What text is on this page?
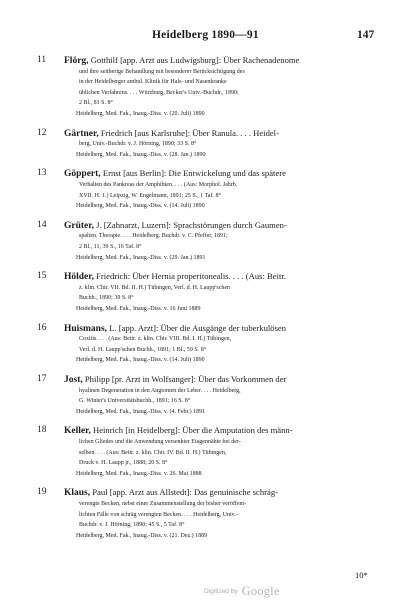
Heidelberg 1890—91	147
11 Flörg, Gotthilf [app. Arzt aus Ludwigsburg]: Über Rachenadenome
und ihre seitherige Behandlung mit besonderer Berücksichtigung des
in der Heidelberger ambul. Klinik für Hals- und Nasenkranke
üblichen Verfahrens. . . . Würzburg, Becker's Univ.-Buchdr., 1890;
2 Bl., 81 S. 8°
Heidelberg, Med. Fak., Inaug.-Diss. v. (20. Juli) 1890
12 Gärtner, Friedrich [aus Karlsruhe]: Über Ranula. . . . Heidel-
berg, Univ.-Buchdr. v. J. Hörning, 1890; 33 S. 8°
Heidelberg, Med. Fak., Inaug.-Diss. v. (28. Jan.) 1890
13 Göppert, Ernst [aus Berlin]: Die Entwickelung und das spätere
Verhalten des Pankreas der Amphibien. . . . (Aus: Morphol. Jahrb.
XVII. H. 1.) Leipzig, W. Engelmann, 1891; 25 S., 1 Taf. 8°
Heidelberg, Med. Fak., Inaug.-Diss. v. (14. Juli) 1890
14 Grüter, J. [Zahnarzt, Luzern]: Sprachstörungen durch Gaumen-
spalten. Therapie. . . . Heidelberg. Buchdr. v. C. Pfeffer, 1891;
2 Bl., 11, 39 S., 16 Taf. 8°
Heidelberg, Med. Fak., Inaug.-Diss. v. (29. Jan.) 1891
15 Hölder, Friedrich: Über Hernia properitonealis. . . . (Aus: Beitr.
z. klin. Chir. VII. Bd. II. H.) Tübingen, Verl. d. H. Laupp'schen
Buchh., 1890; 39 S. 8°
Heidelberg, Med. Fak., Inaug.-Diss. v. 16 Juni 1889
16 Huismans, L. [app. Arzt]: Über die Ausgänge der tuberkulösen
Coxitis. . . . (Aus: Beitr. z. klin. Chir. VIII. Bd. I. H.) Tübingen,
Verl. d. H. Laupp'schen Buchh., 1891; 1 Bl., 59 S. 8°
Heidelberg, Med. Fak., Inaug.-Diss. v. (14. Juli) 1890
17 Jost, Philipp [pr. Arzt in Wolfsanger]: Über das Vorkommen der
hyalinen Degeneration in den Angiomen der Leber. . . . Heidelberg,
G. Winter's Universitätsbuchh., 1891; 16 S. 8°
Heidelberg, Med. Fak., Inaug.-Diss. v. (4. Febr.) 1891
18 Keller, Heinrich [in Heidelberg]: Über die Amputation des männ-
lichen Gliedes und die Anwendung versenkter Etagennähte bei der-
selben. . . . (Aus: Beitr. z. klin. Chir. IV. Bd. II. H.) Tübingen,
Druck v. H. Laupp jr., 1888; 20 S. 8°
Heidelberg, Med. Fak., Inaug.-Diss. v. 26. Mai 1888
19 Klaus, Paul [app. Arzt aus Allstedt]: Das genuinische schräg-
verengte Becken, nebst einer Zusammenstellung der bisher veröffent-
lichten Fälle von schräg verengten Becken. . . . Heidelberg, Univ.-
Buchdr. v. J. Hörning, 1890; 45 S., 5 Taf. 8°
Heidelberg, Med. Fak., Inaug.-Diss. v. (21. Dez.) 1889
10*
Digitized by Google
